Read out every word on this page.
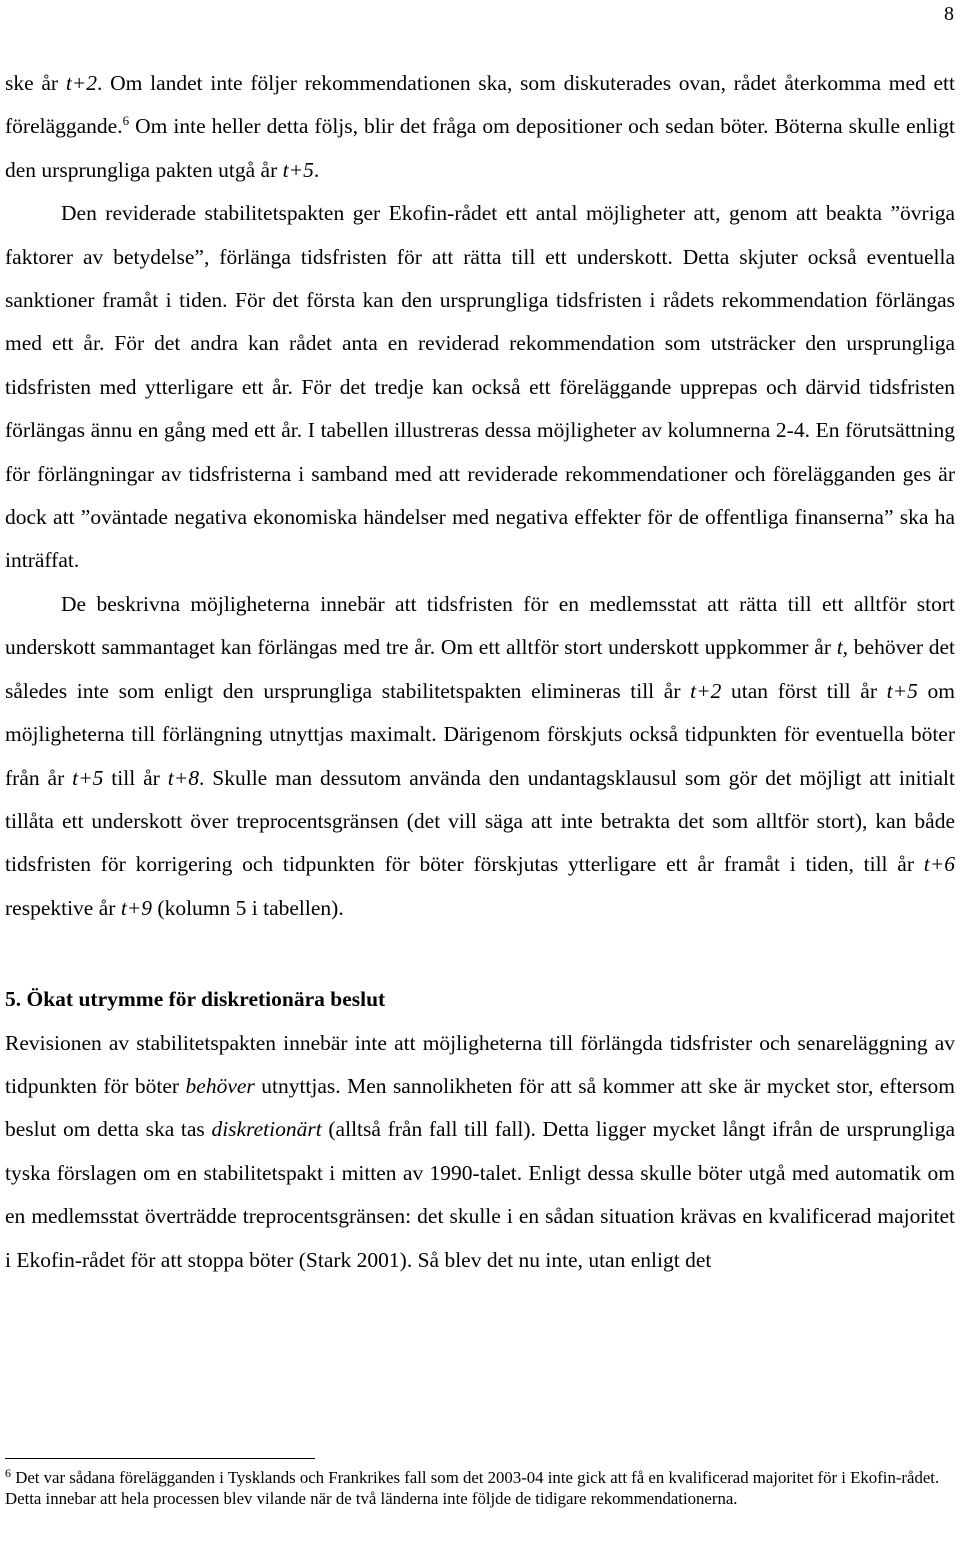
8

ske år t+2. Om landet inte följer rekommendationen ska, som diskuterades ovan, rådet återkomma med ett föreläggande.$^6$ Om inte heller detta följs, blir det fråga om depositioner och sedan böter. Böterna skulle enligt den ursprungliga pakten utgå år t+5.

Den reviderade stabilitetspakten ger Ekofin-rådet ett antal möjligheter att, genom att beakta ”övriga faktorer av betydelse”, förlänga tidsfristen för att rätta till ett underskott. Detta skjuter också eventuella sanktioner framåt i tiden. För det första kan den ursprungliga tidsfristen i rådets rekommendation förlängas med ett år. För det andra kan rådet anta en reviderad rekommendation som utsträcker den ursprungliga tidsfristen med ytterligare ett år. För det tredje kan också ett föreläggande upprepas och därvid tidsfristen förlängas ännu en gång med ett år. I tabellen illustreras dessa möjligheter av kolumnerna 2-4. En förutsättning för förlängningar av tidsfristerna i samband med att reviderade rekommendationer och förelägganden ges är dock att ”oväntade negativa ekonomiska händelser med negativa effekter för de offentliga finanserna” ska ha inträffat.

De beskrivna möjligheterna innebär att tidsfristen för en medlemsstat att rätta till ett alltför stort underskott sammantaget kan förlängas med tre år. Om ett alltför stort underskott uppkommer år t, behöver det således inte som enligt den ursprungliga stabilitetspakten elimineras till år t+2 utan först till år t+5 om möjligheterna till förlängning utnyttjas maximalt. Därigenom förskjuts också tidpunkten för eventuella böter från år t+5 till år t+8. Skulle man dessutom använda den undantagsklausul som gör det möjligt att initialt tillåta ett underskott över treprocentsgränsen (det vill säga att inte betrakta det som alltför stort), kan både tidsfristen för korrigering och tidpunkten för böter förskjutas ytterligare ett år framåt i tiden, till år t+6 respektive år t+9 (kolumn 5 i tabellen).

5. Ökat utrymme för diskretionära beslut

Revisionen av stabilitetspakten innebär inte att möjligheterna till förlängda tidsfrister och senareläggning av tidpunkten för böter behöver utnyttjas. Men sannolikheten för att så kommer att ske är mycket stor, eftersom beslut om detta ska tas diskretionärt (alltså från fall till fall). Detta ligger mycket långt ifrån de ursprungliga tyska förslagen om en stabilitetspakt i mitten av 1990-talet. Enligt dessa skulle böter utgå med automatik om en medlemsstat överträdde treprocentsgränsen: det skulle i en sådan situation krävas en kvalificerad majoritet i Ekofin-rådet för att stoppa böter (Stark 2001). Så blev det nu inte, utan enligt det

$^6$ Det var sådana förelägganden i Tysklands och Frankrikes fall som det 2003-04 inte gick att få en kvalificerad majoritet för i Ekofin-rådet. Detta innebar att hela processen blev vilande när de två länderna inte följde de tidigare rekommendationerna.
